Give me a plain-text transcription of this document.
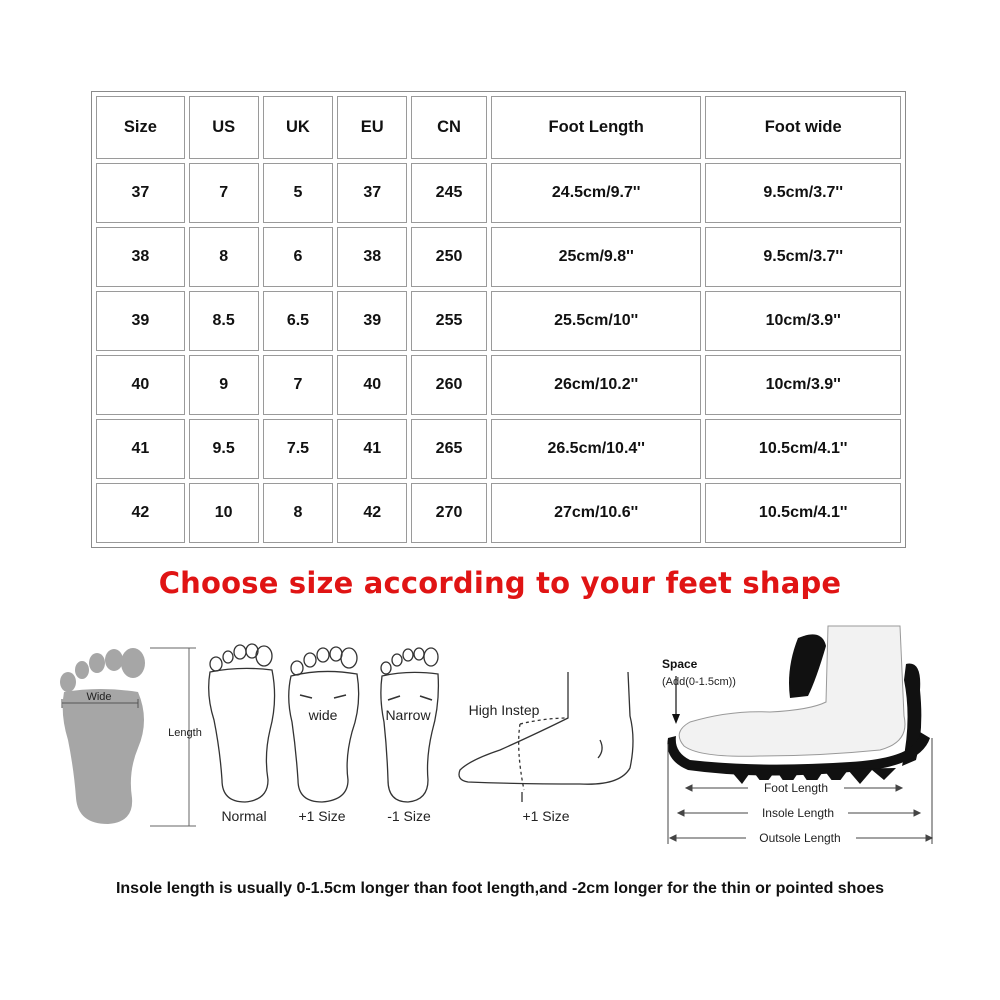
Size	US	UK	EU	CN	Foot Length	Foot wide
37	7	5	37	245	24.5cm/9.7''	9.5cm/3.7''
38	8	6	38	250	25cm/9.8''	9.5cm/3.7''
39	8.5	6.5	39	255	25.5cm/10''	10cm/3.9''
40	9	7	40	260	26cm/10.2''	10cm/3.9''
41	9.5	7.5	41	265	26.5cm/10.4''	10.5cm/4.1''
42	10	8	42	270	27cm/10.6''	10.5cm/4.1''
Choose size according to your feet shape
Wide
Length
Normal
wide
+1 Size
Narrow
-1 Size
High Instep
+1 Size
Space
(Add(0-1.5cm))
Foot Length
Insole Length
Outsole Length
Insole length is usually 0-1.5cm longer than foot length,and -2cm longer for the thin or pointed shoes
